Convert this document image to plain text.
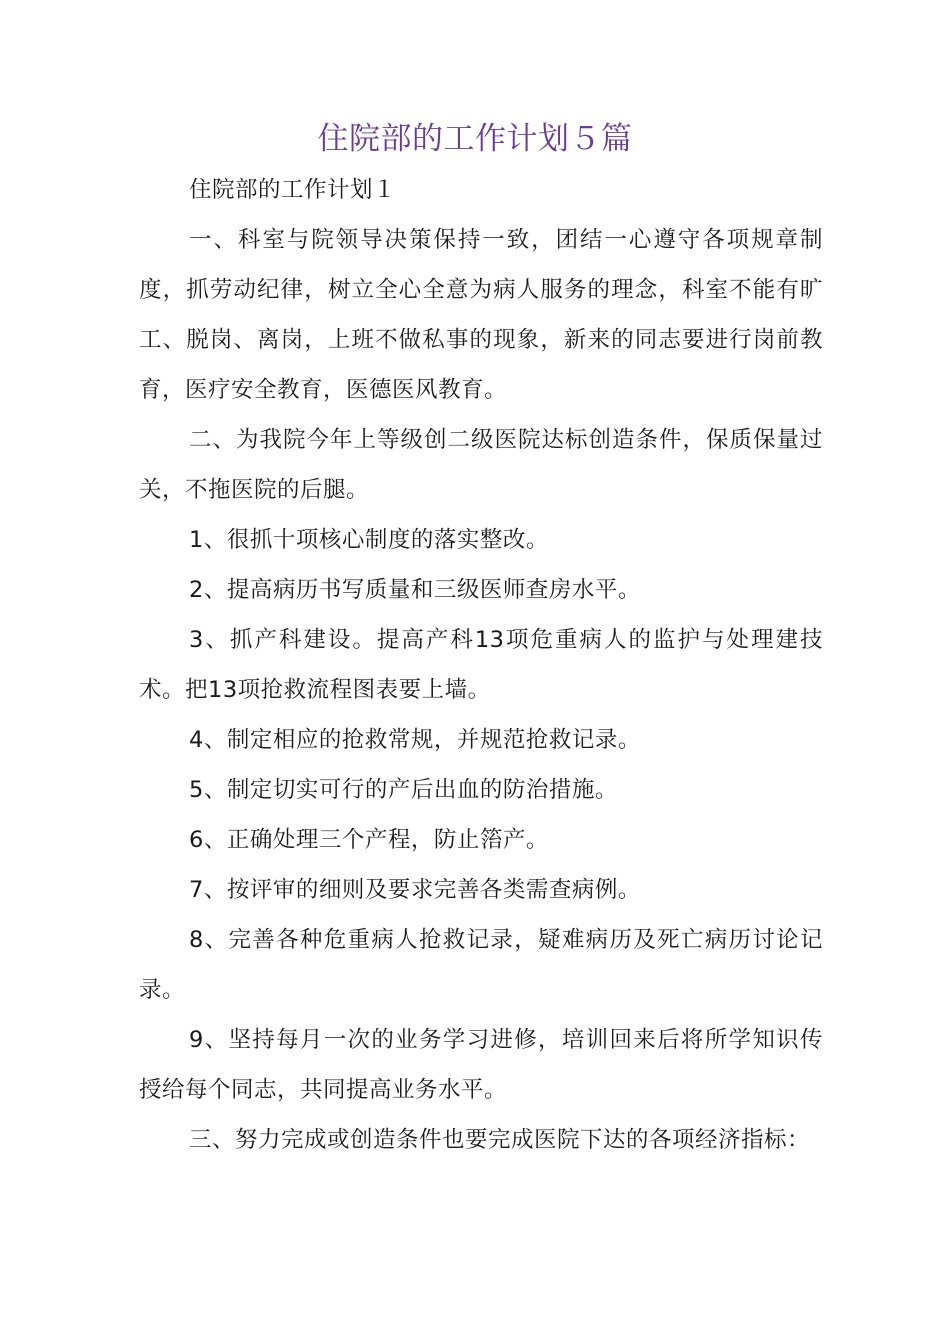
住院部的工作计划５篇

住院部的工作计划１

一、科室与院领导决策保持一致，团结一心遵守各项规章制度，抓劳动纪律，树立全心全意为病人服务的理念，科室不能有旷工、脱岗、离岗，上班不做私事的现象，新来的同志要进行岗前教育，医疗安全教育，医德医风教育。

二、为我院今年上等级创二级医院达标创造条件，保质保量过关，不拖医院的后腿。

1、很抓十项核心制度的落实整改。

2、提高病历书写质量和三级医师查房水平。

3、抓产科建设。提高产科13项危重病人的监护与处理建技术。把13项抢救流程图表要上墙。

4、制定相应的抢救常规，并规范抢救记录。

5、制定切实可行的产后出血的防治措施。

6、正确处理三个产程，防止箈产。

7、按评审的细则及要求完善各类需查病例。

8、完善各种危重病人抢救记录，疑难病历及死亡病历讨论记录。

9、坚持每月一次的业务学习进修，培训回来后将所学知识传授给每个同志，共同提高业务水平。

三、努力完成或创造条件也要完成医院下达的各项经济指标：
